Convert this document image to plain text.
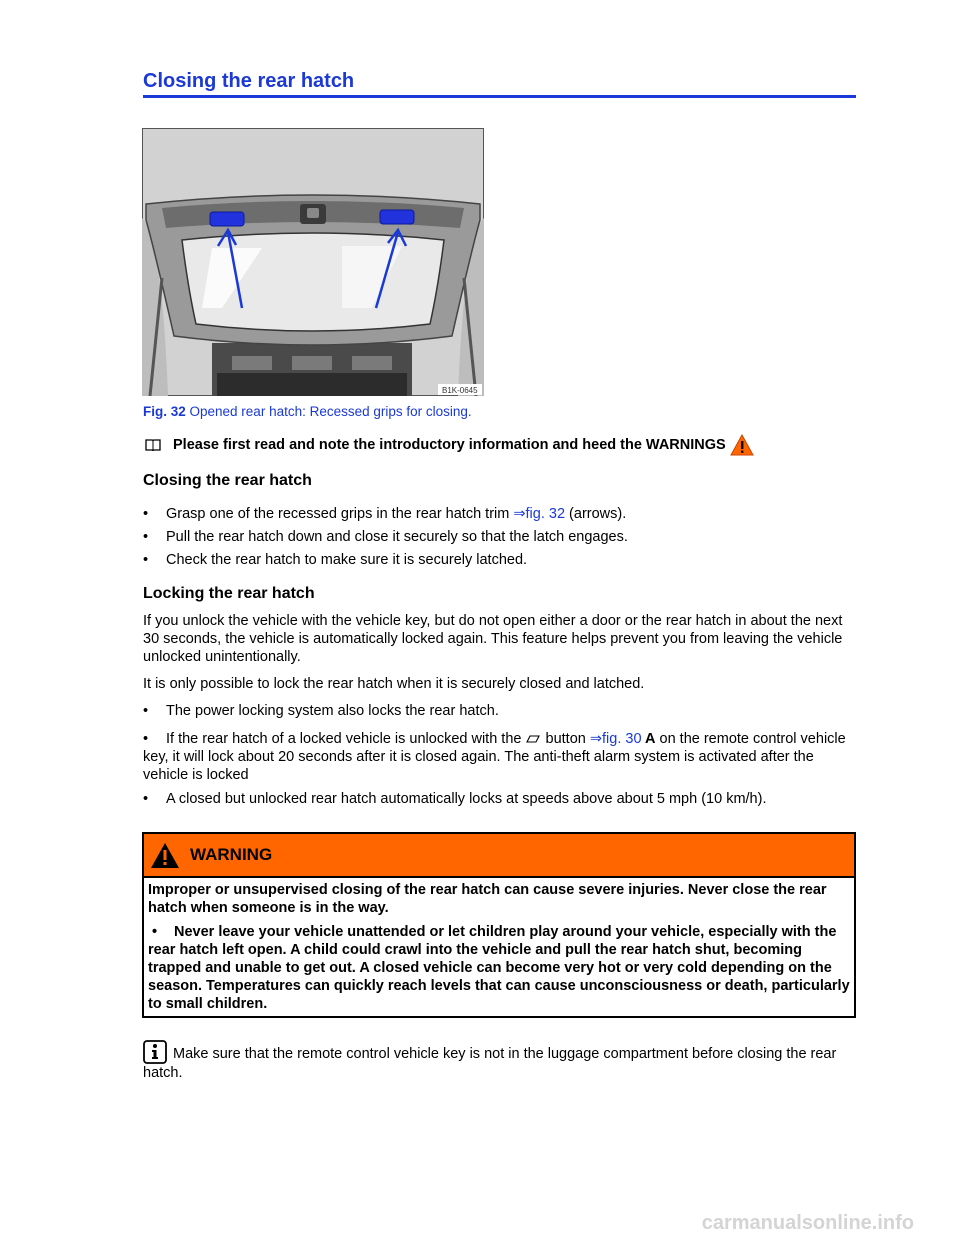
Closing the rear hatch
B1K-0645
Fig. 32 Opened rear hatch: Recessed grips for closing.
Please first read and note the introductory information and heed the WARNINGS
Closing the rear hatch
• Grasp one of the recessed grips in the rear hatch trim ⇒fig. 32 (arrows).
• Pull the rear hatch down and close it securely so that the latch engages.
• Check the rear hatch to make sure it is securely latched.
Locking the rear hatch
If you unlock the vehicle with the vehicle key, but do not open either a door or the rear hatch in about the next 30 seconds, the vehicle is automatically locked again. This feature helps prevent you from leaving the vehicle unlocked unintentionally.
It is only possible to lock the rear hatch when it is securely closed and latched.
• The power locking system also locks the rear hatch.
• If the rear hatch of a locked vehicle is unlocked with the  button ⇒fig. 30 A on the remote control vehicle key, it will lock about 20 seconds after it is closed again. The anti-theft alarm system is activated after the vehicle is locked
• A closed but unlocked rear hatch automatically locks at speeds above about 5 mph (10 km/h).
WARNING

Improper or unsupervised closing of the rear hatch can cause severe injuries. Never close the rear hatch when someone is in the way.

• Never leave your vehicle unattended or let children play around your vehicle, especially with the rear hatch left open. A child could crawl into the vehicle and pull the rear hatch shut, becoming trapped and unable to get out. A closed vehicle can become very hot or very cold depending on the season. Temperatures can quickly reach levels that can cause unconsciousness or death, particularly to small children.

Make sure that the remote control vehicle key is not in the luggage compartment before closing the rear hatch.
carmanualsonline.info
